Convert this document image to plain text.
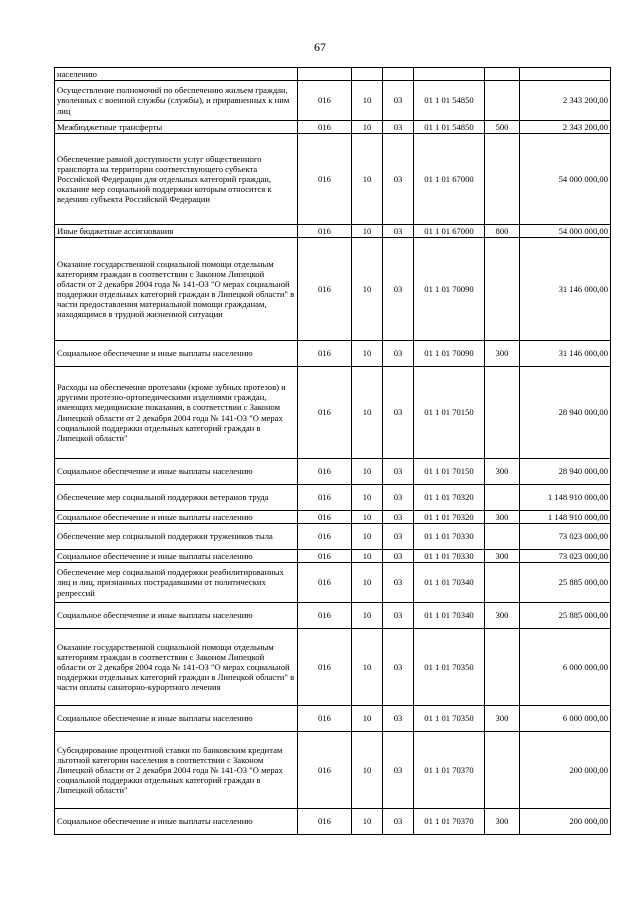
67
населению						
Осуществление полномочий по обеспечению жильем граждан, уволенных с военной службы (службы), и приравненных к ним лиц	016	10	03	01 1 01 54850		2 343 200,00
Межбюджетные трансферты	016	10	03	01 1 01 54850	500	2 343 200,00
Обеспечение равной доступности услуг общественного транспорта на территории соответствующего субъекта Российской Федерации для отдельных категорий граждан, оказание мер социальной поддержки которым относится к ведению субъекта Российской Федерации	016	10	03	01 1 01 67000		54 000 000,00
Иные бюджетные ассигнования	016	10	03	01 1 01 67000	800	54 000 000,00
Оказание государственной социальной помощи отдельным категориям граждан в соответствии с Законом Липецкой области от 2 декабря 2004 года № 141-ОЗ "О мерах социальной поддержки отдельных категорий граждан в Липецкой области" в части предоставления материальной помощи гражданам, находящимся в трудной жизненной ситуации	016	10	03	01 1 01 70090		31 146 000,00
Социальное обеспечение и иные выплаты населению	016	10	03	01 1 01 70090	300	31 146 000,00
Расходы на обеспечение протезами (кроме зубных протезов) и другими протезно-ортопедическими изделиями граждан, имеющих медицинские показания, в соответствии с Законом Липецкой области от 2 декабря 2004 года № 141-ОЗ "О мерах социальной поддержки отдельных категорий граждан в Липецкой области"	016	10	03	01 1 01 70150		28 940 000,00
Социальное обеспечение и иные выплаты населению	016	10	03	01 1 01 70150	300	28 940 000,00
Обеспечение мер социальной поддержки ветеранов труда	016	10	03	01 1 01 70320		1 148 910 000,00
Социальное обеспечение и иные выплаты населению	016	10	03	01 1 01 70320	300	1 148 910 000,00
Обеспечение мер социальной поддержки тружеников тыла	016	10	03	01 1 01 70330		73 023 000,00
Социальное обеспечение и иные выплаты населению	016	10	03	01 1 01 70330	300	73 023 000,00
Обеспечение мер социальной поддержки реабилитированных лиц и лиц, признанных пострадавшими от политических репрессий	016	10	03	01 1 01 70340		25 885 000,00
Социальное обеспечение и иные выплаты населению	016	10	03	01 1 01 70340	300	25 885 000,00
Оказание государственной социальной помощи отдельным категориям граждан в соответствии с Законом Липецкой области от 2 декабря 2004 года № 141-ОЗ "О мерах социальной поддержки отдельных категорий граждан в Липецкой области" в части оплаты санаторно-курортного лечения	016	10	03	01 1 01 70350		6 000 000,00
Социальное обеспечение и иные выплаты населению	016	10	03	01 1 01 70350	300	6 000 000,00
Субсидирование процентной ставки по банковским кредитам льготной категории населения в соответствии с Законом Липецкой области от 2 декабря 2004 года № 141-ОЗ "О мерах социальной поддержки отдельных категорий граждан в Липецкой области"	016	10	03	01 1 01 70370		200 000,00
Социальное обеспечение и иные выплаты населению	016	10	03	01 1 01 70370	300	200 000,00
